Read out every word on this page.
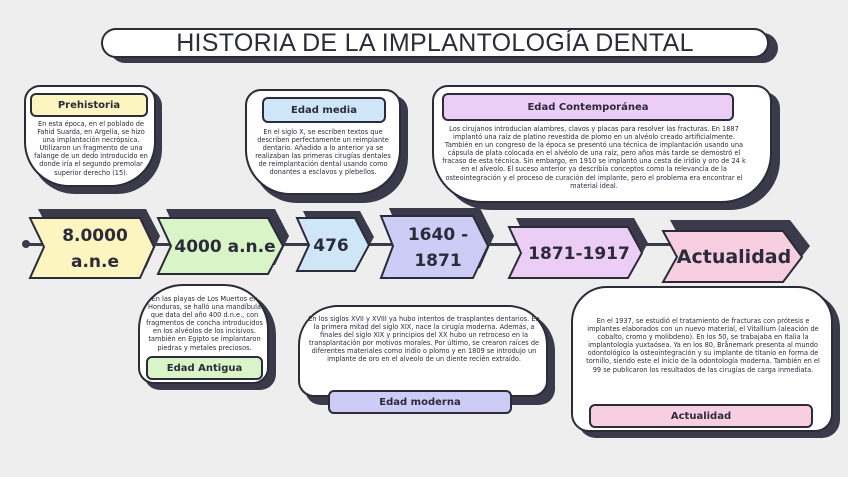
HISTORIA DE LA IMPLANTOLOGÍA DENTAL
8.0000 a.n.e
4000 a.n.e	476
1640 - 1871	1871-1917 Actualidad
Prehistoria
En esta época, en el poblado de Fahid Suarda, en Argelia, se hizo una implantación necrópsica. Utilizaron un fragmento de una falange de un dedo introducido en donde iría el segundo premolar superior derecho (15).
En las playas de Los Muertos en Honduras, se halló una mandíbula que data del año 400 d.n.e., con fragmentos de concha introducidos en los alvéolos de los incisivos. también en Egipto se implantaron piedras y metales preciosos.
Edad Antigua
Edad media
En el siglo X, se escriben textos que describen perfectamente un reimplante dentario. Añadido a lo anterior ya se realizaban las primeras cirugías dentales de reimplantación dental usando como donantes a esclavos y plebellos.
En los siglos XVII y XVIII ya hubo intentos de trasplantes dentarios. En la primera mitad del siglo XIX, nace la cirugía moderna. Además, a finales del siglo XIX y principios del XX hubo un retroceso en la transplantación por motivos morales. Por último, se crearon raíces de diferentes materiales como iridio o plomo y en 1809 se introdujo un implante de oro en el alveolo de un diente recién extraído.
Edad moderna
Edad Contemporánea
Los cirujanos introducían alambres, clavos y placas para resolver las fracturas. En 1887 implantó una raíz de platino revestida de plomo en un alvéolo creado artificialmente. También en un congreso de la época se presentó una técnica de implantación usando una cápsula de plata colocada en el alvéolo de una raíz, pero años más tarde se demostró el fracaso de esta técnica. Sin embargo, en 1910 se implantó una cesta de iridio y oro de 24 k en el alveolo. El suceso anterior ya describía conceptos como la relevancia de la osteointegración y el proceso de curación del implante, pero el problema era encontrar el material ideal.
En el 1937, se estudió el tratamiento de fracturas con prótesis e implantes elaborados con un nuevo material, el Vitallium (aleación de cobalto, cromo y molibdeno). En los 50, se trabajaba en Italia la implantología yuxtaósea. Ya en los 80, Brånemark presenta al mundo odontológico la osteointegración y su implante de titanio en forma de tornillo, siendo este el inicio de la odontología moderna. También en el 99 se publicaron los resultados de las cirugías de carga inmediata.
Actualidad
